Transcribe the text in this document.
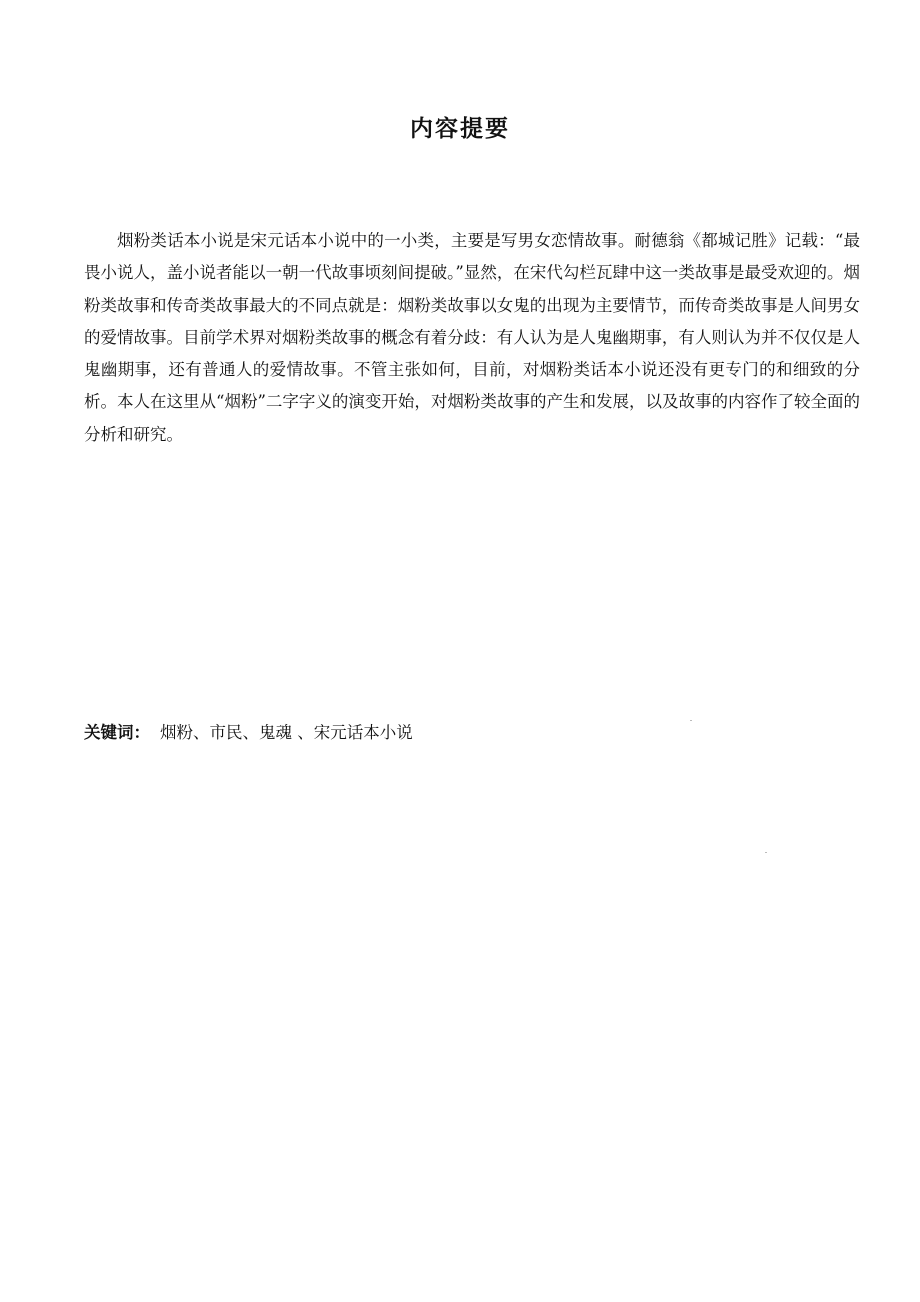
内容提要

烟粉类话本小说是宋元话本小说中的一小类，主要是写男女恋情故事。耐德翁《都城记胜》记载：“最畏小说人，盖小说者能以一朝一代故事顷刻间提破。”显然，在宋代勾栏瓦肆中这一类故事是最受欢迎的。烟粉类故事和传奇类故事最大的不同点就是：烟粉类故事以女鬼的出现为主要情节，而传奇类故事是人间男女的爱情故事。目前学术界对烟粉类故事的概念有着分歧：有人认为是人鬼幽期事，有人则认为并不仅仅是人鬼幽期事，还有普通人的爱情故事。不管主张如何，目前，对烟粉类话本小说还没有更专门的和细致的分析。本人在这里从“烟粉”二字字义的演变开始，对烟粉类故事的产生和发展，以及故事的内容作了较全面的分析和研究。

关键词： 烟粉、市民、鬼魂 、宋元话本小说
